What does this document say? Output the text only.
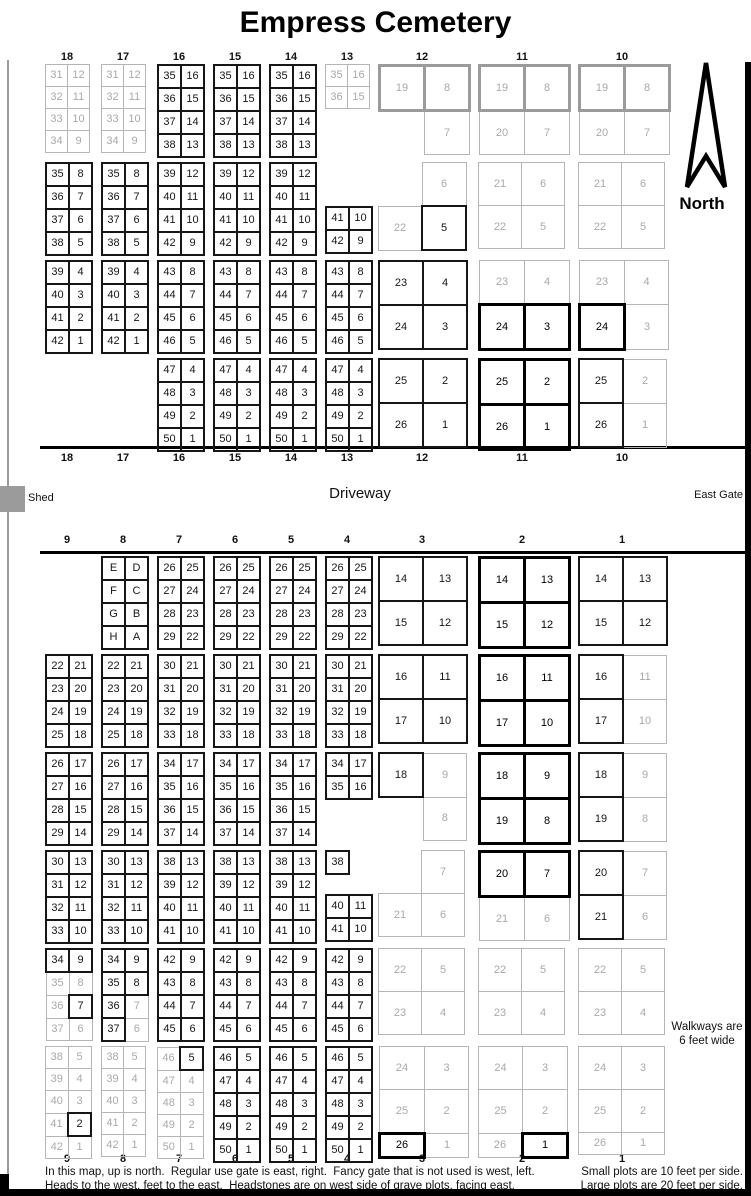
Empress Cemetery
North
Shed	Driveway	East Gate
Walkways are
6 feet wide
In this map, up is north.  Regular use gate is east, right.  Fancy gate that is not used is west, left.
Heads to the west, feet to the east.  Headstones are on west side of grave plots, facing east.
Small plots are 10 feet per side.
Large plots are 20 feet per side.
18
18
17
17
16
16
15
15
14
14
13
13
12
12
11
11
10
10
31	12
32	11
33	10
34	9
35	8
36	7
37	6
38	5
39	4
40	3
41	2
42	1
31	12
32	11
33	10
34	9
35	8
36	7
37	6
38	5
39	4
40	3
41	2
42	1
35	16
36	15
37	14
38	13
39	12
40	11
41	10
42	9
43	8
44	7
45	6
46	5
47	4
48	3
49	2
50	1
35	16
36	15
37	14
38	13
39	12
40	11
41	10
42	9
43	8
44	7
45	6
46	5
47	4
48	3
49	2
50	1
35	16
36	15
37	14
38	13
39	12
40	11
41	10
42	9
43	8
44	7
45	6
46	5
47	4
48	3
49	2
50	1
35	16
36	15
41	10
42	9
43	8
44	7
45	6
46	5
47	4
48	3
49	2
50	1
19	8
	7
	6
22	5
23	4
24	3
25	2
26	1
19	8
20	7
21	6
22	5
23	4
24	3
25	2
26	1
19	8
20	7
21	6
22	5
23	4
24	3
25	2
26	1
9
9
8
8
7
7
6
6
5
5
4
4
3
3
2
2
1
1
22	21
23	20
24	19
25	18
26	17
27	16
28	15
29	14
30	13
31	12
32	11
33	10
34	9
35	8
36	7
37	6
38	5
39	4
40	3
41	2
42	1
E	D
F	C
G	B
H	A
22	21
23	20
24	19
25	18
26	17
27	16
28	15
29	14
30	13
31	12
32	11
33	10
34	9
35	8
36	7
37	6
38	5
39	4
40	3
41	2
42	1
26	25
27	24
28	23
29	22
30	21
31	20
32	19
33	18
34	17
35	16
36	15
37	14
38	13
39	12
40	11
41	10
42	9
43	8
44	7
45	6
46	5
47	4
48	3
49	2
50	1
26	25
27	24
28	23
29	22
30	21
31	20
32	19
33	18
34	17
35	16
36	15
37	14
38	13
39	12
40	11
41	10
42	9
43	8
44	7
45	6
46	5
47	4
48	3
49	2
50	1
26	25
27	24
28	23
29	22
30	21
31	20
32	19
33	18
34	17
35	16
36	15
37	14
38	13
39	12
40	11
41	10
42	9
43	8
44	7
45	6
46	5
47	4
48	3
49	2
50	1
26	25
27	24
28	23
29	22
30	21
31	20
32	19
33	18
34	17
35	16
38	
40	11
41	10
42	9
43	8
44	7
45	6
46	5
47	4
48	3
49	2
50	1
14	13
15	12
16	11
17	10
18	9
	8
	7
21	6
22	5
23	4
24	3
25	2
26	1
14	13
15	12
16	11
17	10
18	9
19	8
20	7
21	6
22	5
23	4
24	3
25	2
26	1
14	13
15	12
16	11
17	10
18	9
19	8
20	7
21	6
22	5
23	4
24	3
25	2
26	1
